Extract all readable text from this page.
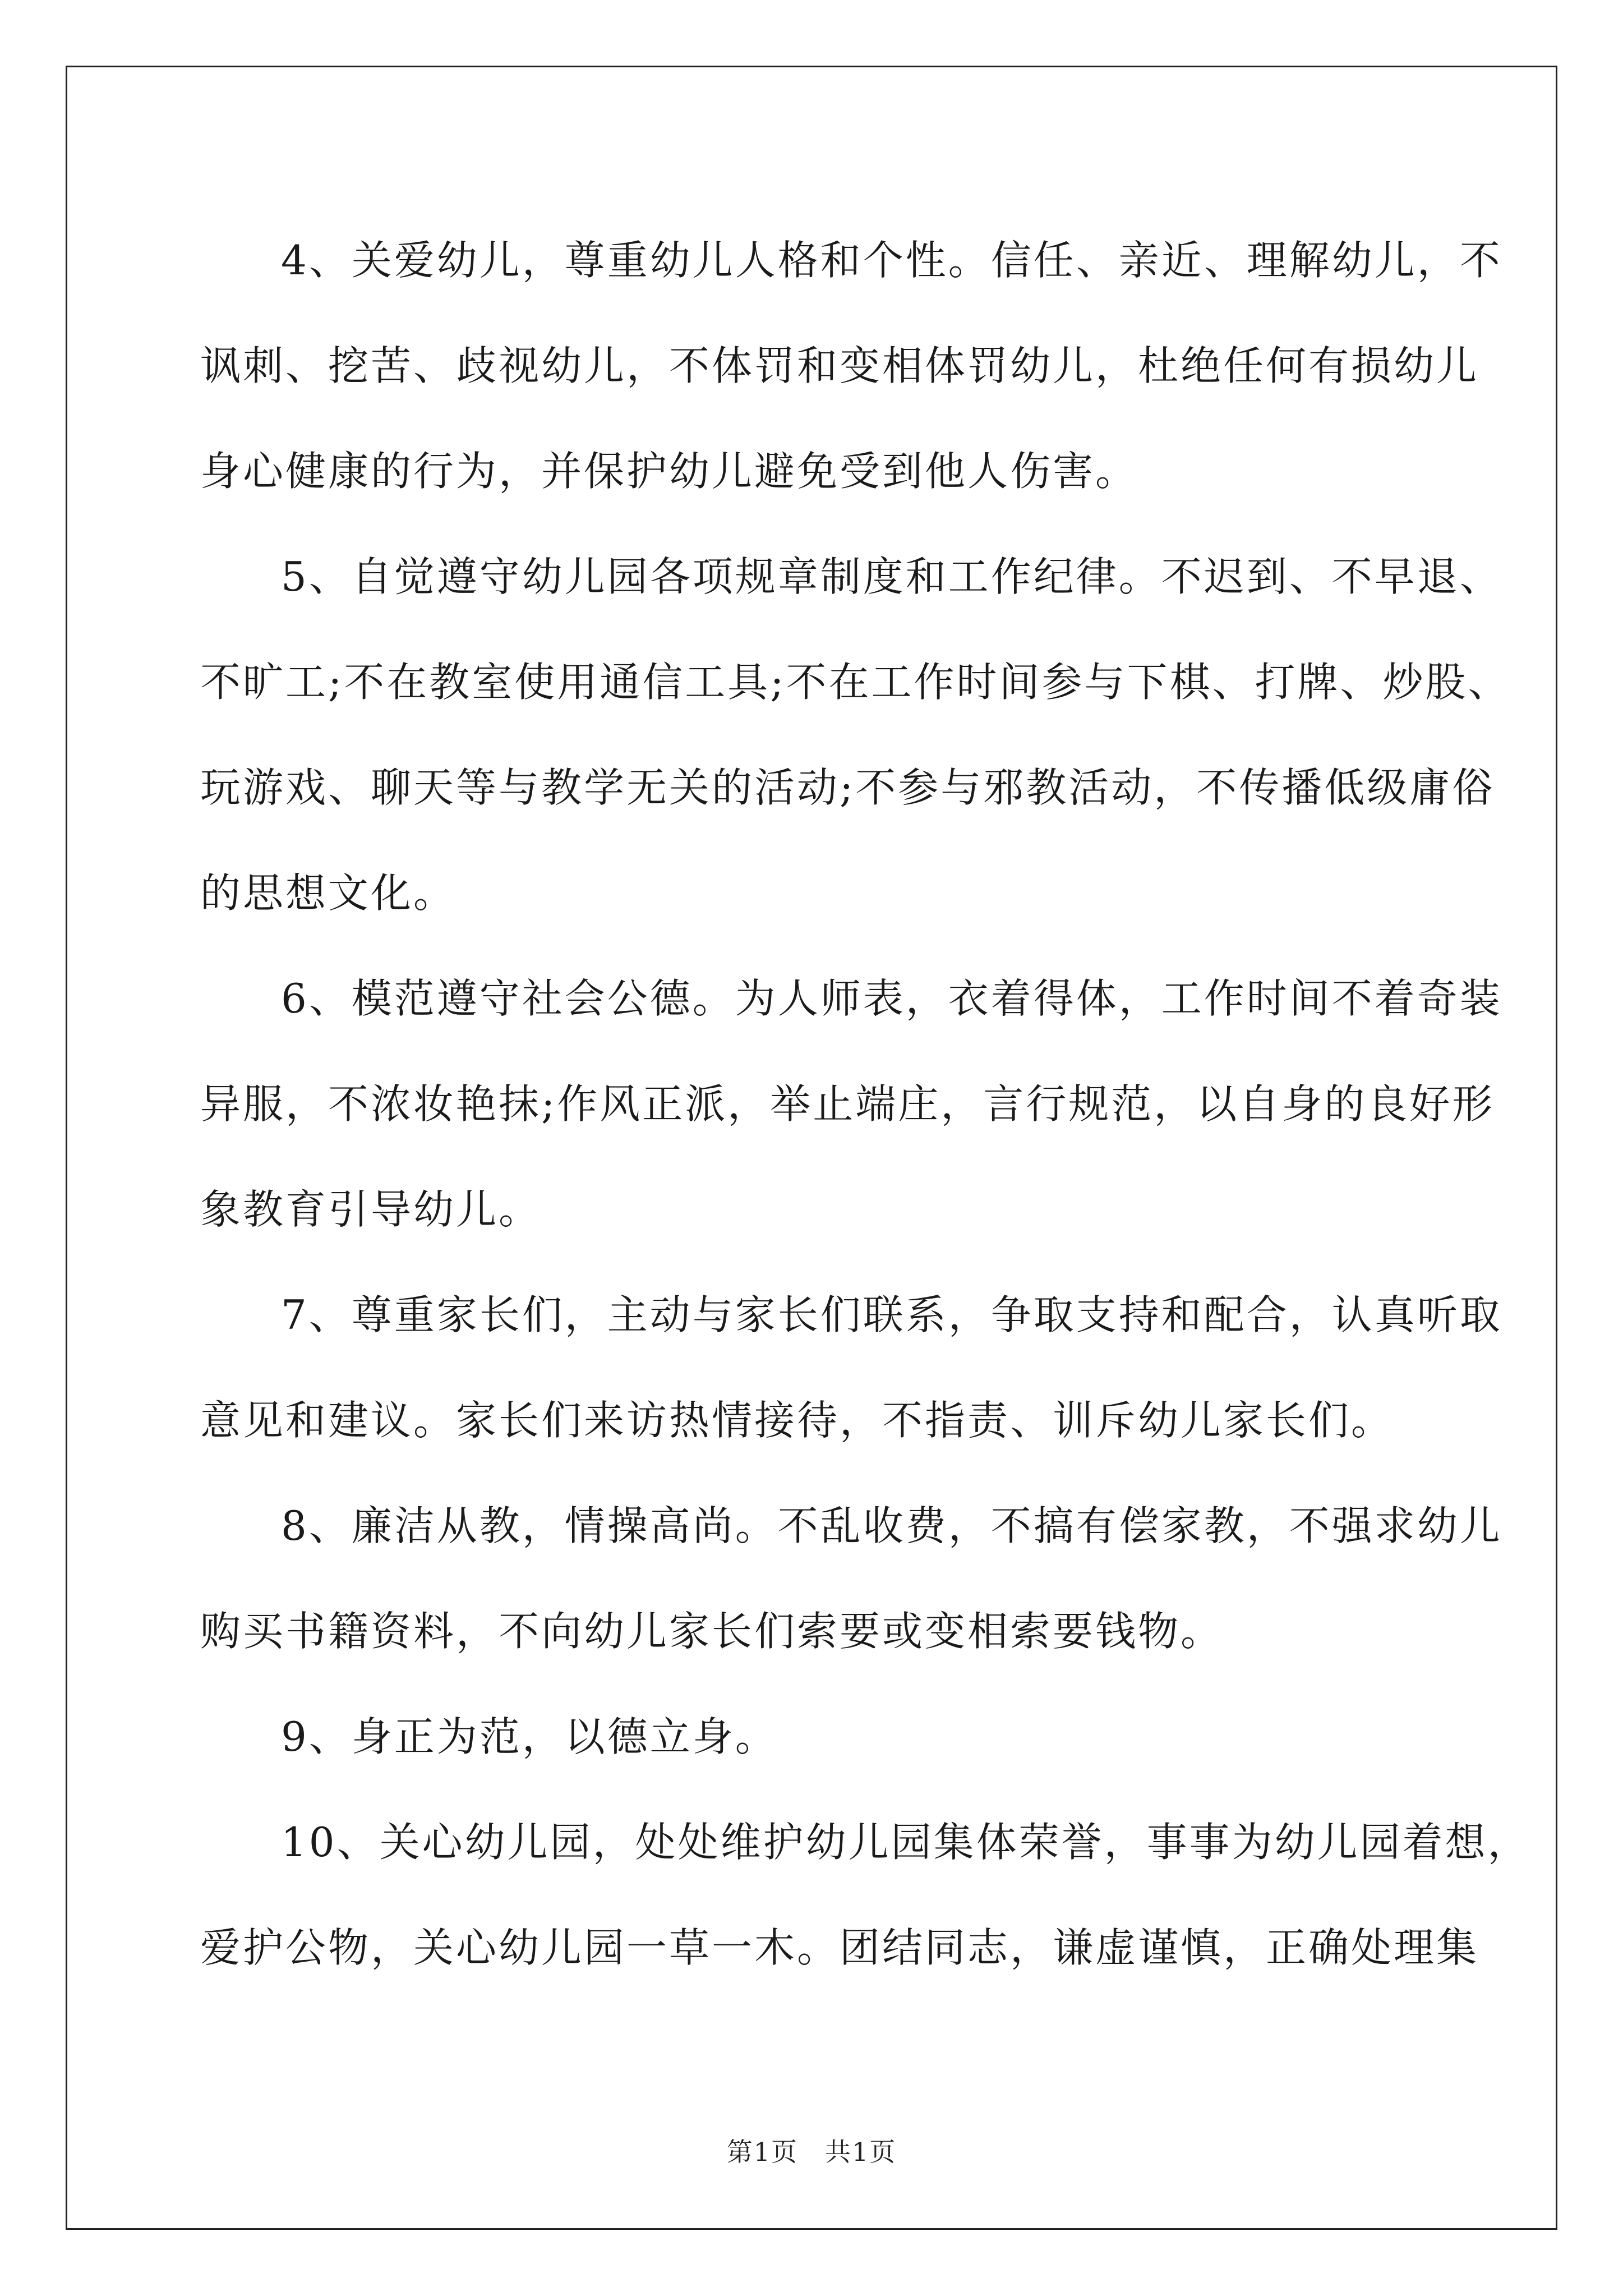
4、关爱幼儿，尊重幼儿人格和个性。信任、亲近、理解幼儿，不
讽刺、挖苦、歧视幼儿，不体罚和变相体罚幼儿，杜绝任何有损幼儿
身心健康的行为，并保护幼儿避免受到他人伤害。
5、自觉遵守幼儿园各项规章制度和工作纪律。不迟到、不早退、
不旷工;不在教室使用通信工具;不在工作时间参与下棋、打牌、炒股、
玩游戏、聊天等与教学无关的活动;不参与邪教活动，不传播低级庸俗
的思想文化。
6、模范遵守社会公德。为人师表，衣着得体，工作时间不着奇装
异服，不浓妆艳抹;作风正派，举止端庄，言行规范，以自身的良好形
象教育引导幼儿。
7、尊重家长们，主动与家长们联系，争取支持和配合，认真听取
意见和建议。家长们来访热情接待，不指责、训斥幼儿家长们。
8、廉洁从教，情操高尚。不乱收费，不搞有偿家教，不强求幼儿
购买书籍资料，不向幼儿家长们索要或变相索要钱物。
9、身正为范，以德立身。
10、关心幼儿园，处处维护幼儿园集体荣誉，事事为幼儿园着想，
爱护公物，关心幼儿园一草一木。团结同志，谦虚谨慎，正确处理集
第1页　共1页
